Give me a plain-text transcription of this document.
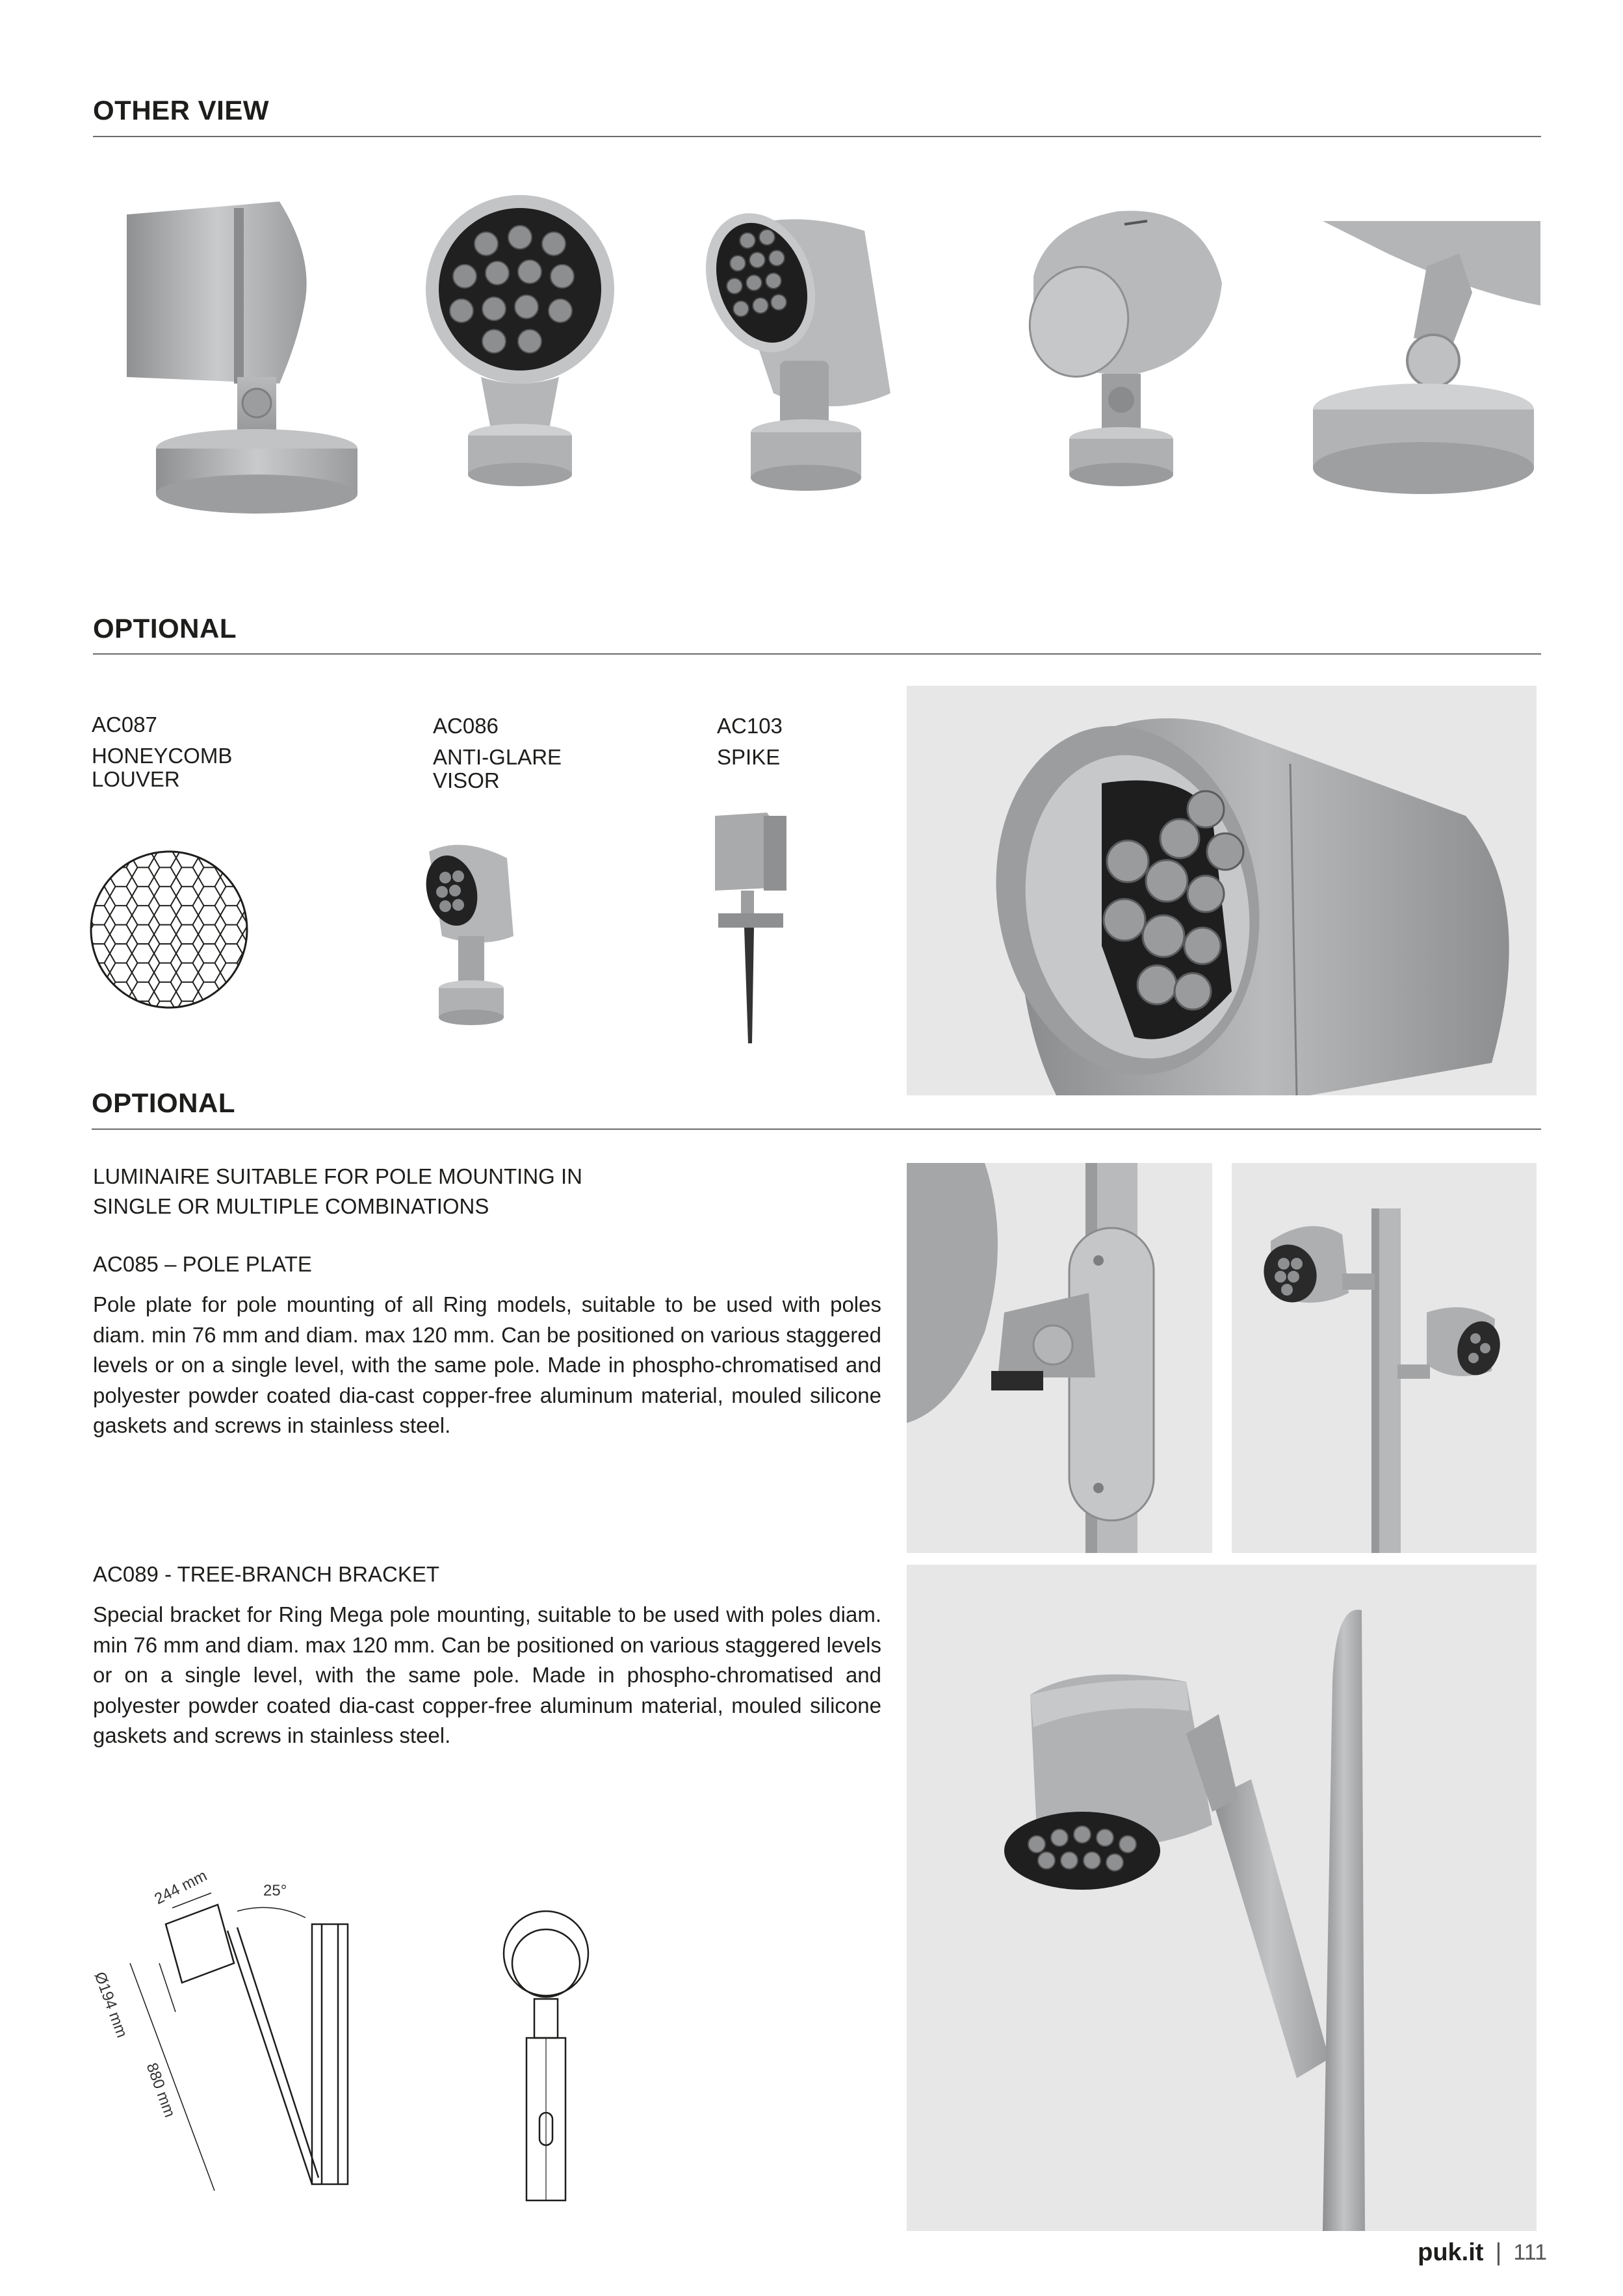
OTHER VIEW
OPTIONAL
AC087
HONEYCOMB LOUVER
AC086
ANTI-GLARE VISOR
AC103
SPIKE
OPTIONAL
LUMINAIRE SUITABLE FOR POLE MOUNTING IN SINGLE OR MULTIPLE COMBINATIONS
AC085 – POLE PLATE
Pole plate for pole mounting of all Ring models, suitable to be used with poles diam. min 76 mm and diam. max 120 mm. Can be positioned on various staggered levels or on a single level, with the same pole. Made in phospho-chromatised and polyester powder coated dia-cast copper-free aluminum material, mouled silicone gaskets and screws in stainless steel.
AC089 - TREE-BRANCH BRACKET
Special bracket for Ring Mega pole mounting, suitable to be used with poles diam. min 76 mm and diam. max 120 mm. Can be positioned on various staggered levels or on a single level, with the same pole. Made in phospho-chromatised and polyester powder coated dia-cast copper-free aluminum material, mouled silicone gaskets and screws in stainless steel.
244 mm	25°
Ø194 mm
880 mm
puk.it | 111
